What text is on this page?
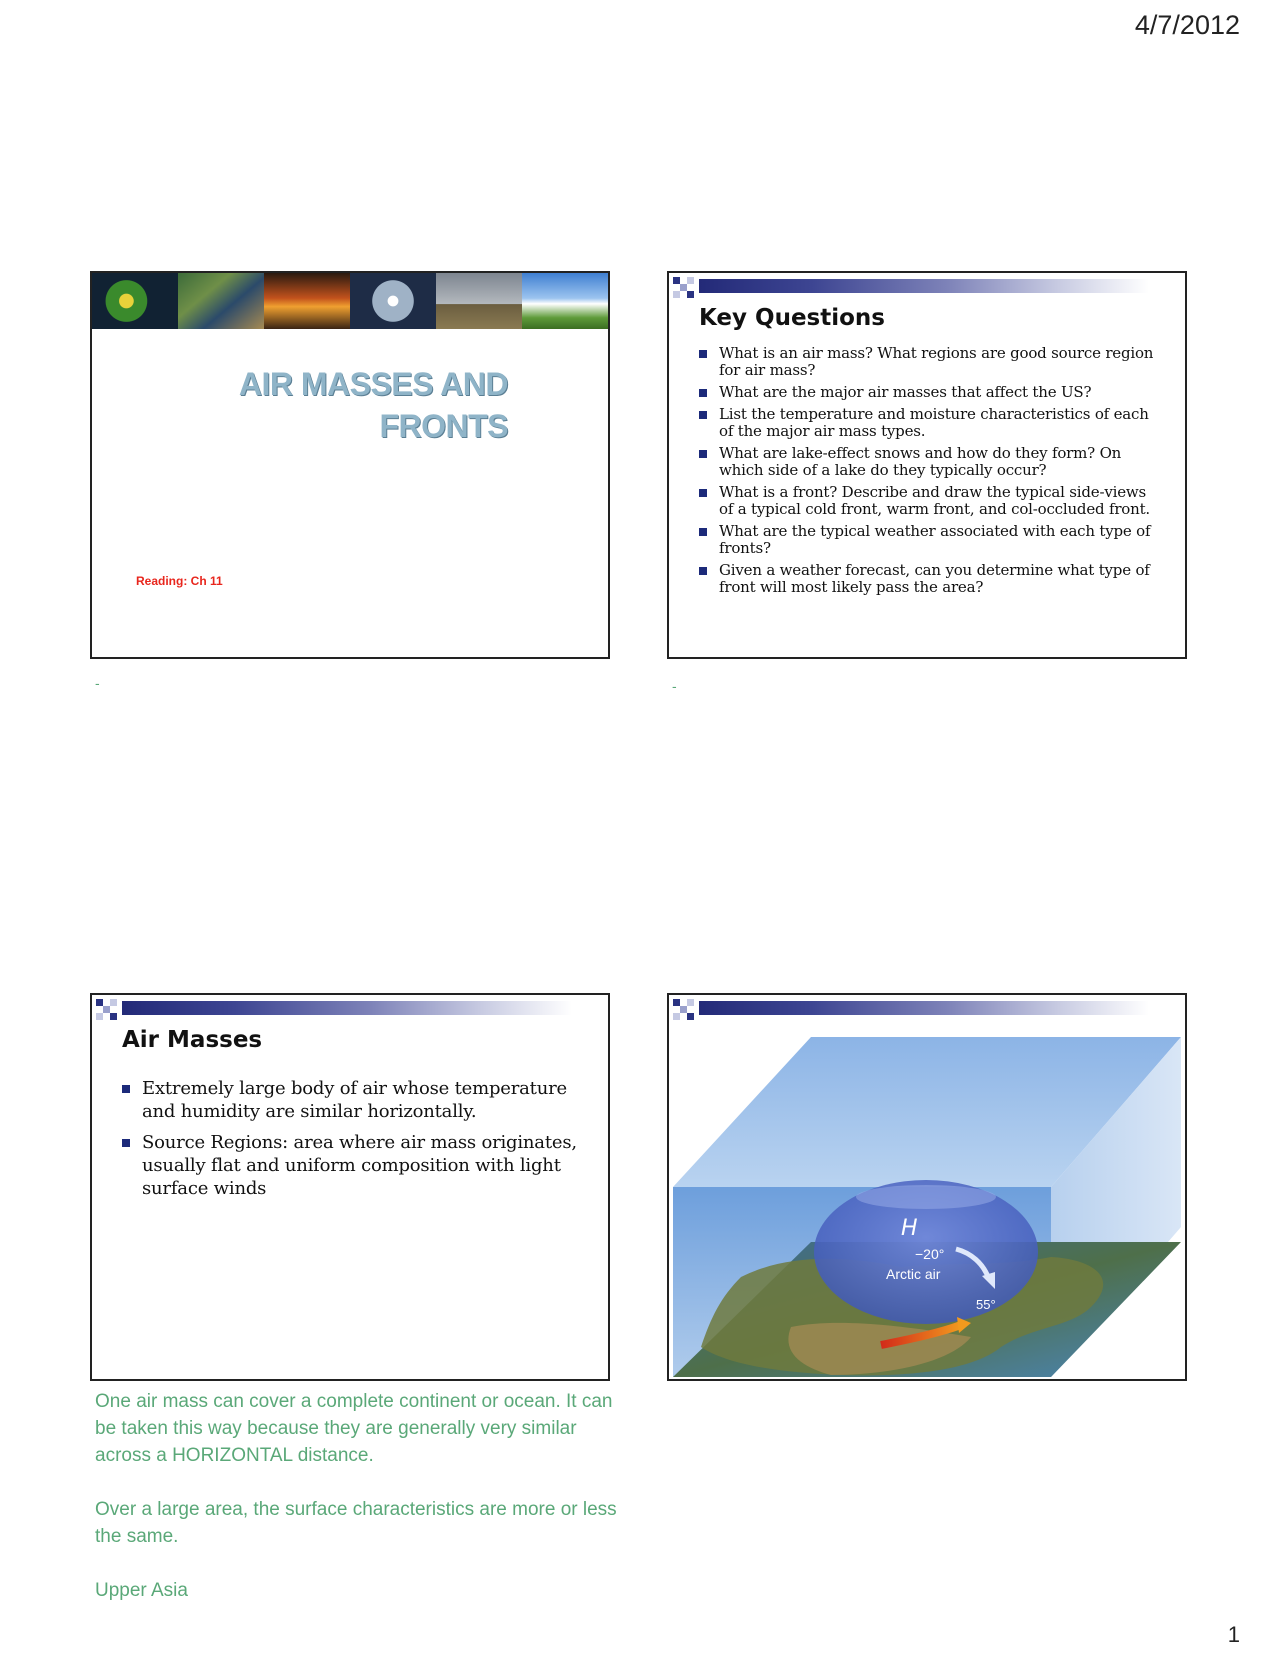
4/7/2012
AIR MASSES AND
FRONTS
Reading: Ch 11
-
Key Questions
What is an air mass? What regions are good source region for air mass?
What are the major air masses that affect the US?
List the temperature and moisture characteristics of each of the major air mass types.
What are lake-effect snows and how do they form? On which side of a lake do they typically occur?
What is a front? Describe and draw the typical side-views of a typical cold front, warm front, and col-occluded front.
What are the typical weather associated with each type of fronts?
Given a weather forecast, can you determine what type of front will most likely pass the area?
-
Air Masses
Extremely large body of air whose temperature and humidity are similar horizontally.
Source Regions: area where air mass originates, usually flat and uniform composition with light surface winds
H
−20°
Arctic air
55°

One air mass can cover a complete continent or ocean. It can be taken this way because they are generally very similar across a HORIZONTAL distance.

Over a large area, the surface characteristics are more or less the same.

Upper Asia

1
